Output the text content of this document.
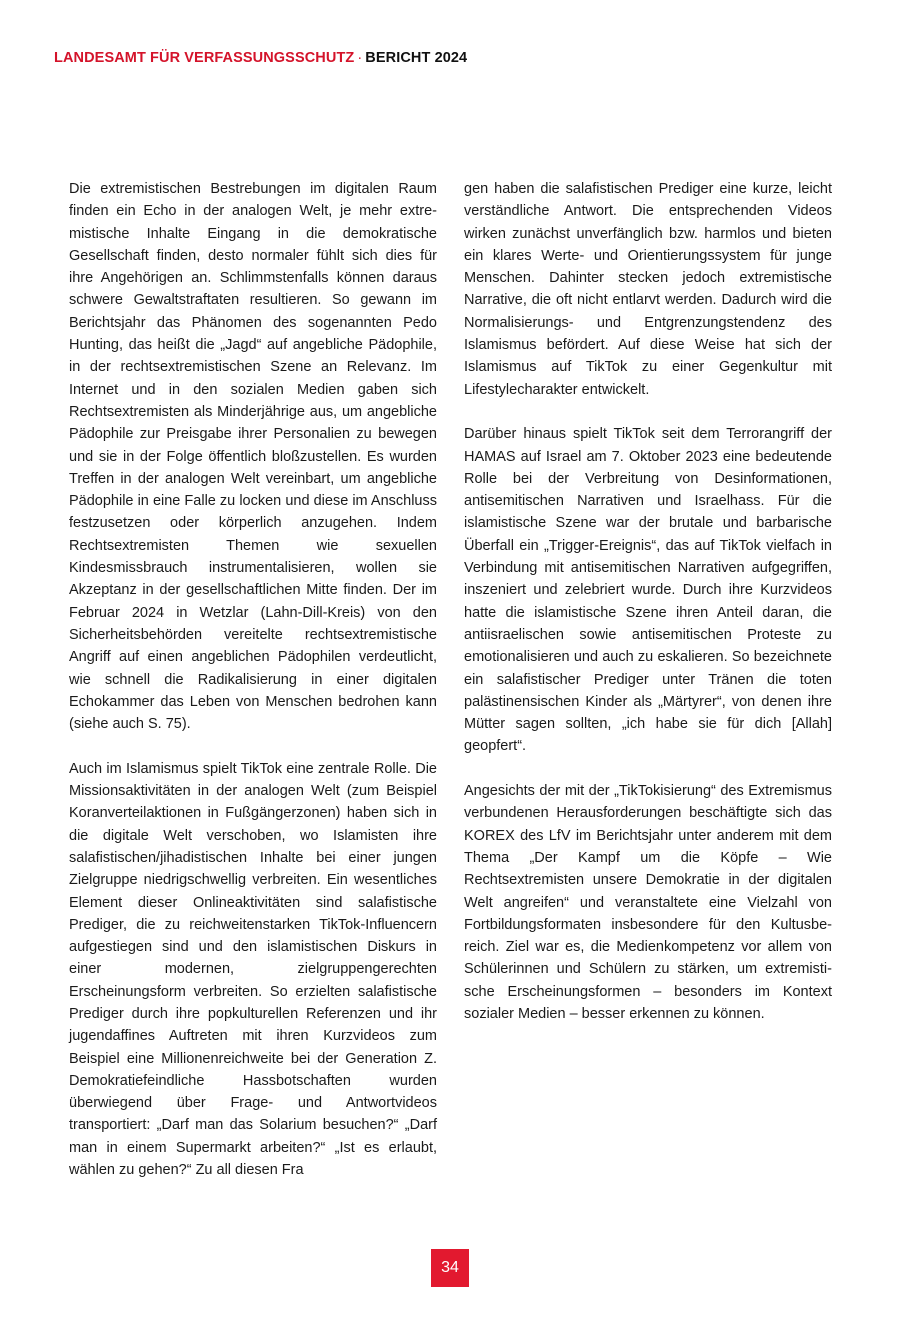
LANDESAMT FÜR VERFASSUNGSSCHUTZ · BERICHT 2024

Die extremistischen Bestrebungen im digitalen Raum finden ein Echo in der analogen Welt, je mehr extremistische Inhalte Eingang in die demokratische Gesellschaft finden, desto normaler fühlt sich dies für ihre Angehörigen an. Schlimmstenfalls können daraus schwere Gewaltstraftaten resultieren. So gewann im Berichtsjahr das Phänomen des sogenannten Pedo Hunting, das heißt die „Jagd“ auf angebliche Pädophile, in der rechtsextremistischen Szene an Relevanz. Im Internet und in den sozialen Medien gaben sich Rechtsextremisten als Minderjährige aus, um angebliche Pädophile zur Preisgabe ihrer Personalien zu bewegen und sie in der Folge öffentlich bloßzustellen. Es wurden Treffen in der analogen Welt vereinbart, um angebliche Pädophile in eine Falle zu locken und diese im Anschluss festzusetzen oder körperlich anzugehen. Indem Rechtsextremisten Themen wie sexuellen Kindesmissbrauch instrumentalisieren, wollen sie Akzeptanz in der gesellschaftlichen Mitte finden. Der im Februar 2024 in Wetzlar (Lahn-Dill-Kreis) von den Sicherheitsbehörden vereitelte rechtsextremistische Angriff auf einen angeblichen Pädophilen verdeutlicht, wie schnell die Radikalisierung in einer digitalen Echokammer das Leben von Menschen bedrohen kann (siehe auch S. 75).

Auch im Islamismus spielt TikTok eine zentrale Rolle. Die Missionsaktivitäten in der analogen Welt (zum Beispiel Koranverteilaktionen in Fußgängerzonen) haben sich in die digitale Welt verschoben, wo Islamisten ihre salafistischen/jihadistischen Inhalte bei einer jungen Zielgruppe niedrigschwellig verbreiten. Ein wesentliches Element dieser Onlineaktivitäten sind salafistische Prediger, die zu reichweitenstarken TikTok-Influencern aufgestiegen sind und den islamistischen Diskurs in einer modernen, zielgruppengerechten Erscheinungsform verbreiten. So erzielten salafistische Prediger durch ihre popkulturellen Referenzen und ihr jugendaffines Auftreten mit ihren Kurzvideos zum Beispiel eine Millionenreichweite bei der Generation Z. Demokratiefeindliche Hassbotschaften wurden überwiegend über Frage- und Antwortvideos transportiert: „Darf man das Solarium besuchen?“ „Darf man in einem Supermarkt arbeiten?“ „Ist es erlaubt, wählen zu gehen?“ Zu all diesen Fra

gen haben die salafistischen Prediger eine kurze, leicht verständliche Antwort. Die entsprechenden Videos wirken zunächst unverfänglich bzw. harmlos und bieten ein klares Werte- und Orientierungssystem für junge Menschen. Dahinter stecken jedoch extremistische Narrative, die oft nicht entlarvt werden. Dadurch wird die Normalisierungs- und Entgrenzungstendenz des Islamismus befördert. Auf diese Weise hat sich der Islamismus auf TikTok zu einer Gegenkultur mit Lifestylecharakter entwickelt.

Darüber hinaus spielt TikTok seit dem Terrorangriff der HAMAS auf Israel am 7. Oktober 2023 eine bedeutende Rolle bei der Verbreitung von Desinformationen, antisemitischen Narrativen und Israelhass. Für die islamistische Szene war der brutale und barbarische Überfall ein „Trigger-Ereignis“, das auf TikTok vielfach in Verbindung mit antisemitischen Narrativen aufgegriffen, inszeniert und zelebriert wurde. Durch ihre Kurzvideos hatte die islamistische Szene ihren Anteil daran, die antiisraelischen sowie antisemitischen Proteste zu emotionalisieren und auch zu eskalieren. So bezeichnete ein salafistischer Prediger unter Tränen die toten palästinensischen Kinder als „Märtyrer“, von denen ihre Mütter sagen sollten, „ich habe sie für dich [Allah] geopfert“.

Angesichts der mit der „TikTokisierung“ des Extremismus verbundenen Herausforderungen beschäftigte sich das KOREX des LfV im Berichtsjahr unter anderem mit dem Thema „Der Kampf um die Köpfe – Wie Rechtsextremisten unsere Demokratie in der digitalen Welt angreifen“ und veranstaltete eine Vielzahl von Fortbildungsformaten insbesondere für den Kultusbereich. Ziel war es, die Medienkompetenz vor allem von Schülerinnen und Schülern zu stärken, um extremistische Erscheinungsformen – besonders im Kontext sozialer Medien – besser erkennen zu können.

34
